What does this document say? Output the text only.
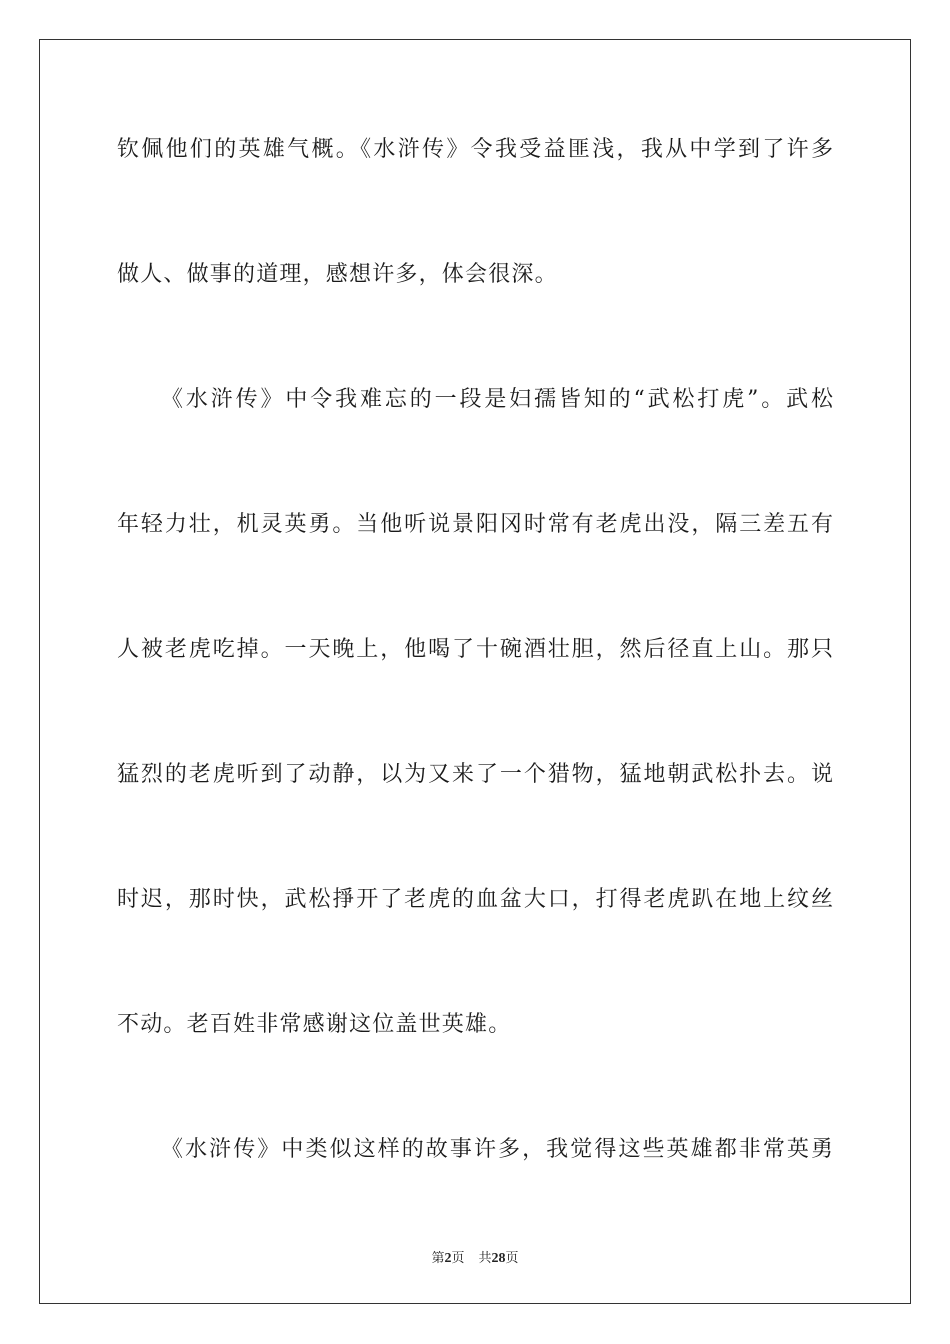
钦佩他们的英雄气概。《水浒传》令我受益匪浅，我从中学到了许多
做人、做事的道理，感想许多，体会很深。
《水浒传》中令我难忘的一段是妇孺皆知的“武松打虎”。武松
年轻力壮，机灵英勇。当他听说景阳冈时常有老虎出没，隔三差五有
人被老虎吃掉。一天晚上，他喝了十碗酒壮胆，然后径直上山。那只
猛烈的老虎听到了动静，以为又来了一个猎物，猛地朝武松扑去。说
时迟，那时快，武松掙开了老虎的血盆大口，打得老虎趴在地上纹丝
不动。老百姓非常感谢这位盖世英雄。
《水浒传》中类似这样的故事许多，我觉得这些英雄都非常英勇
第2页 共28页
